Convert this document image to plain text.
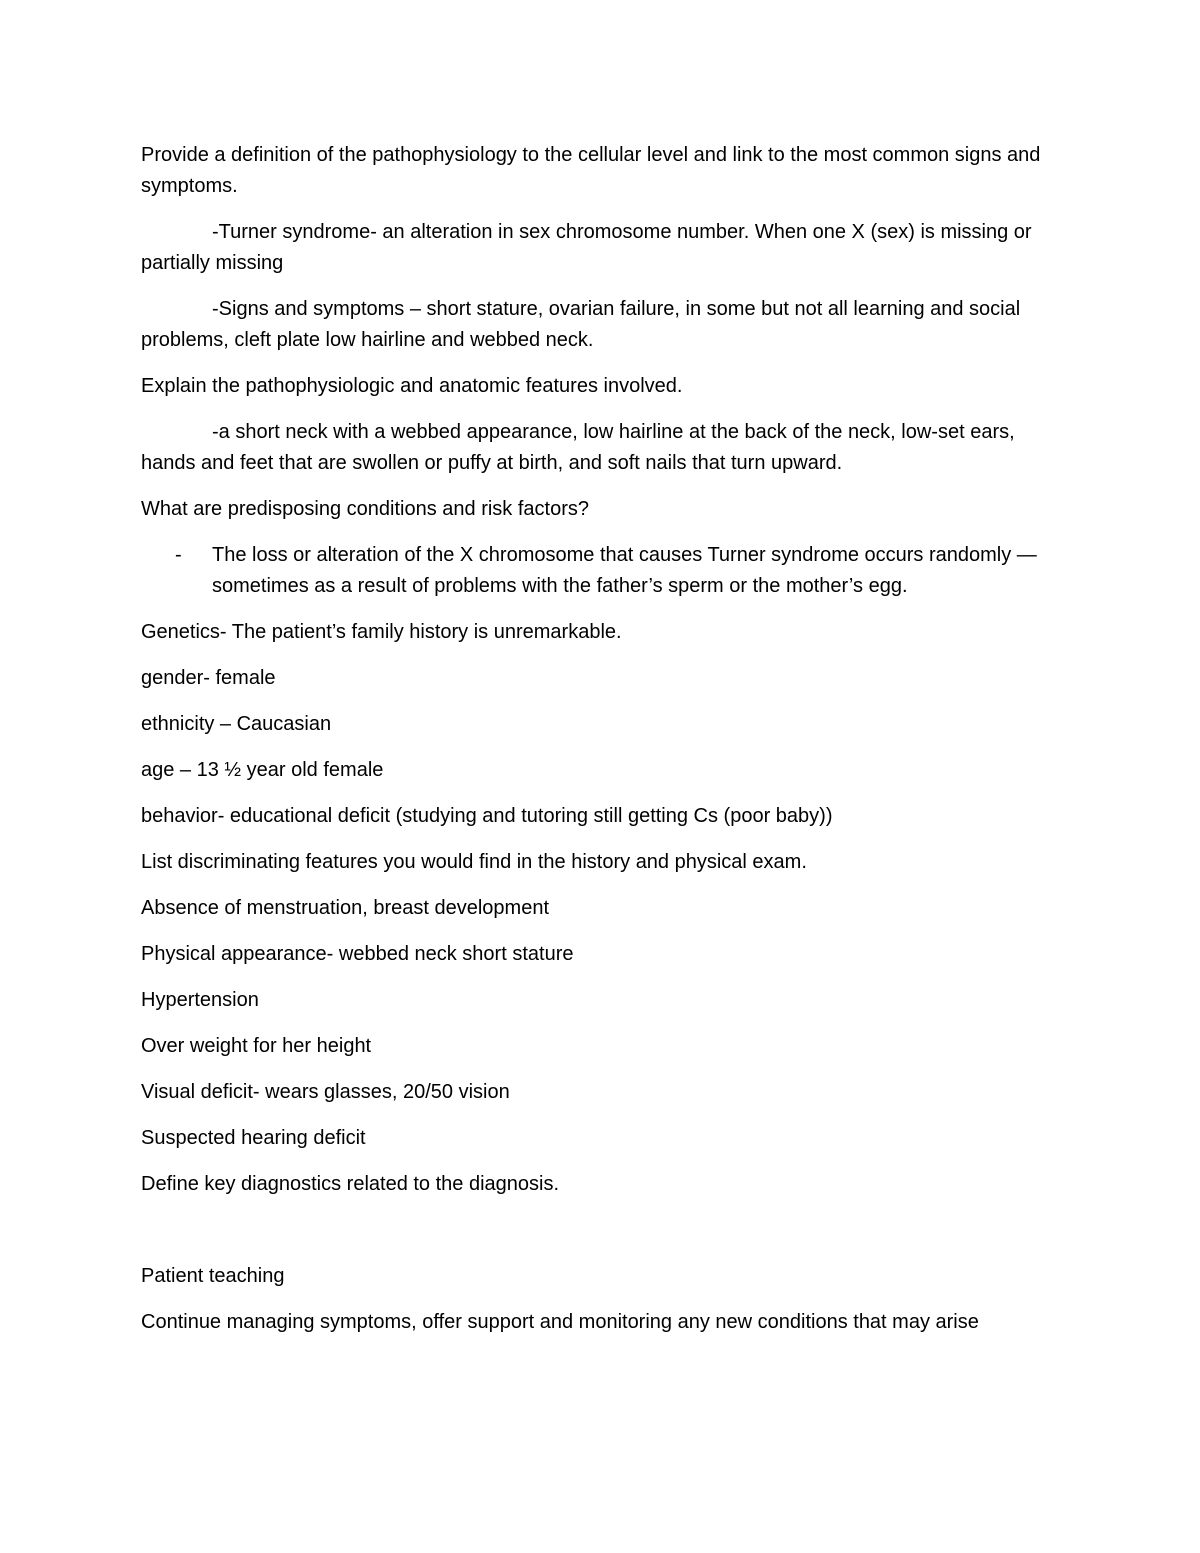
Provide a definition of the pathophysiology to the cellular level and link to the most common signs and symptoms.

-Turner syndrome- an alteration in sex chromosome number. When one X (sex) is missing or partially missing

-Signs and symptoms – short stature, ovarian failure, in some but not all learning and social problems, cleft plate low hairline and webbed neck.

Explain the pathophysiologic and anatomic features involved.

-a short neck with a webbed appearance, low hairline at the back of the neck, low-set ears, hands and feet that are swollen or puffy at birth, and soft nails that turn upward.

What are predisposing conditions and risk factors?

-	The loss or alteration of the X chromosome that causes Turner syndrome occurs randomly — sometimes as a result of problems with the father’s sperm or the mother’s egg.

Genetics- The patient’s family history is unremarkable.

gender- female

ethnicity – Caucasian

age – 13 ½ year old female

behavior- educational deficit (studying and tutoring still getting Cs (poor baby))

List discriminating features you would find in the history and physical exam.

Absence of menstruation, breast development

Physical appearance- webbed neck short stature

Hypertension

Over weight for her height

Visual deficit- wears glasses, 20/50 vision

Suspected hearing deficit

Define key diagnostics related to the diagnosis.

Patient teaching

Continue managing symptoms, offer support and monitoring any new conditions that may arise
